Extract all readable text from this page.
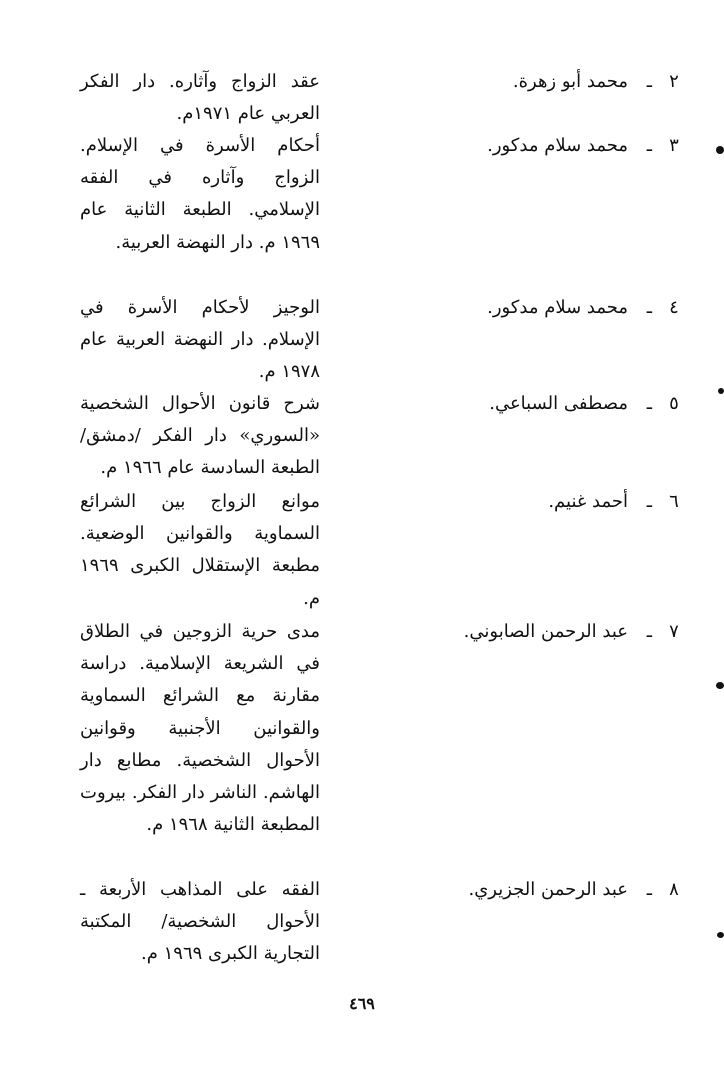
٢
ـ
محمد أبو زهرة.
عقد الزواج وآثاره. دار الفكر العربي عام ١٩٧١م.
٣
ـ
محمد سلام مدكور.
أحكام الأسرة في الإسلام. الزواج وآثاره في الفقه الإسلامي. الطبعة الثانية عام ١٩٦٩ م. دار النهضة العربية.
٤
ـ
محمد سلام مدكور.
الوجيز لأحكام الأسرة في الإسلام. دار النهضة العربية عام ١٩٧٨ م.
٥
ـ
مصطفى السباعي.
شرح قانون الأحوال الشخصية «السوري» دار الفكر /دمشق/ الطبعة السادسة عام ١٩٦٦ م.
٦
ـ
أحمد غنيم.
موانع الزواج بين الشرائع السماوية والقوانين الوضعية. مطبعة الإستقلال الكبرى ١٩٦٩ م.
٧
ـ
عبد الرحمن الصابوني.
مدى حرية الزوجين في الطلاق في الشريعة الإسلامية. دراسة مقارنة مع الشرائع السماوية والقوانين الأجنبية وقوانين الأحوال الشخصية. مطابع دار الهاشم. الناشر دار الفكر. بيروت المطبعة الثانية ١٩٦٨ م.
٨
ـ
عبد الرحمن الجزيري.
الفقه على المذاهب الأربعة ـ الأحوال الشخصية/ المكتبة التجارية الكبرى ١٩٦٩ م.
٤٦٩
